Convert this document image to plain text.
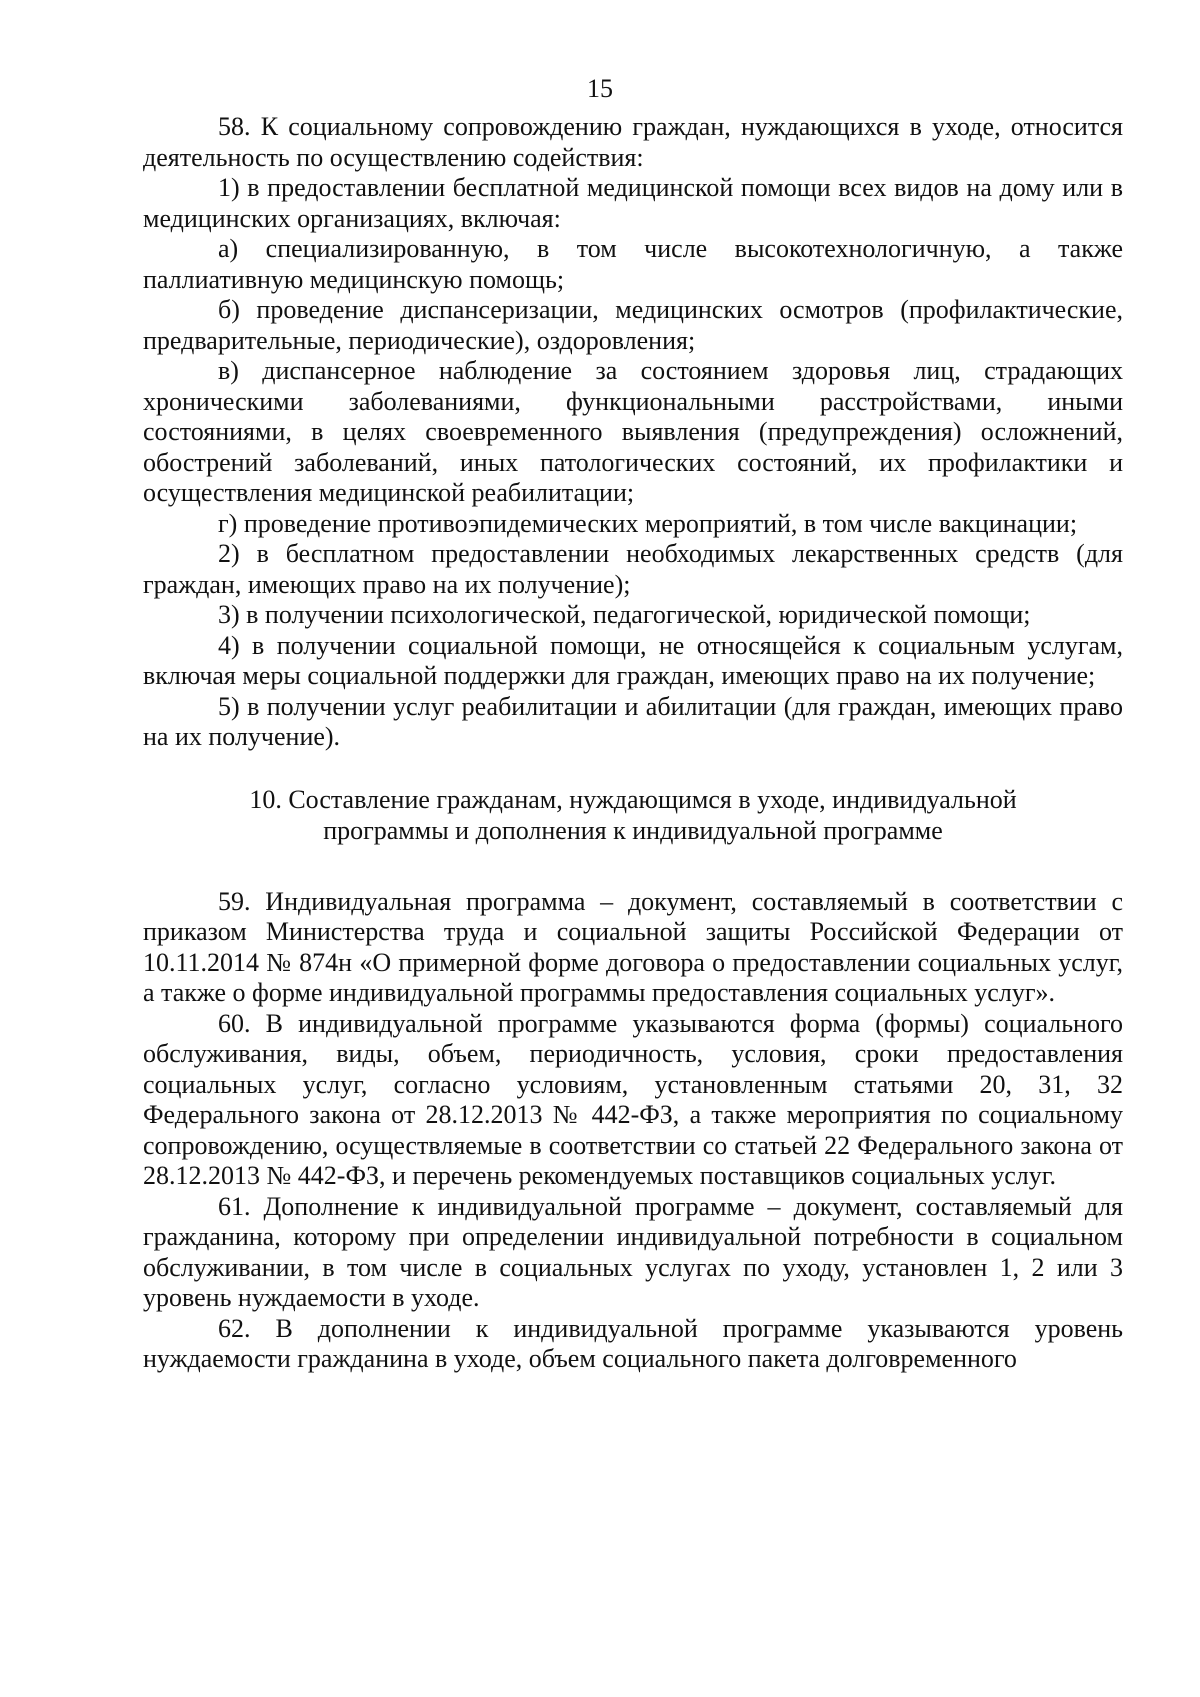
15

58. К социальному сопровождению граждан, нуждающихся в уходе, относится деятельность по осуществлению содействия:

1) в предоставлении бесплатной медицинской помощи всех видов на дому или в медицинских организациях, включая:

а) специализированную, в том числе высокотехнологичную, а также паллиативную медицинскую помощь;

б) проведение диспансеризации, медицинских осмотров (профилактические, предварительные, периодические), оздоровления;

в) диспансерное наблюдение за состоянием здоровья лиц, страдающих хроническими заболеваниями, функциональными расстройствами, иными состояниями, в целях своевременного выявления (предупреждения) осложнений, обострений заболеваний, иных патологических состояний, их профилактики и осуществления медицинской реабилитации;

г) проведение противоэпидемических мероприятий, в том числе вакцинации;

2) в бесплатном предоставлении необходимых лекарственных средств (для граждан, имеющих право на их получение);

3) в получении психологической, педагогической, юридической помощи;

4) в получении социальной помощи, не относящейся к социальным услугам, включая меры социальной поддержки для граждан, имеющих право на их получение;

5) в получении услуг реабилитации и абилитации (для граждан, имеющих право на их получение).

10. Составление гражданам, нуждающимся в уходе, индивидуальной
программы и дополнения к индивидуальной программе

59. Индивидуальная программа – документ, составляемый в соответствии с приказом Министерства труда и социальной защиты Российской Федерации от 10.11.2014 № 874н «О примерной форме договора о предоставлении социальных услуг, а также о форме индивидуальной программы предоставления социальных услуг».

60. В индивидуальной программе указываются форма (формы) социального обслуживания, виды, объем, периодичность, условия, сроки предоставления социальных услуг, согласно условиям, установленным статьями 20, 31, 32 Федерального закона от 28.12.2013 № 442-ФЗ, а также мероприятия по социальному сопровождению, осуществляемые в соответствии со статьей 22 Федерального закона от 28.12.2013 № 442-ФЗ, и перечень рекомендуемых поставщиков социальных услуг.

61. Дополнение к индивидуальной программе – документ, составляемый для гражданина, которому при определении индивидуальной потребности в социальном обслуживании, в том числе в социальных услугах по уходу, установлен 1, 2 или 3 уровень нуждаемости в уходе.

62. В дополнении к индивидуальной программе указываются уровень нуждаемости гражданина в уходе, объем социального пакета долговременного
